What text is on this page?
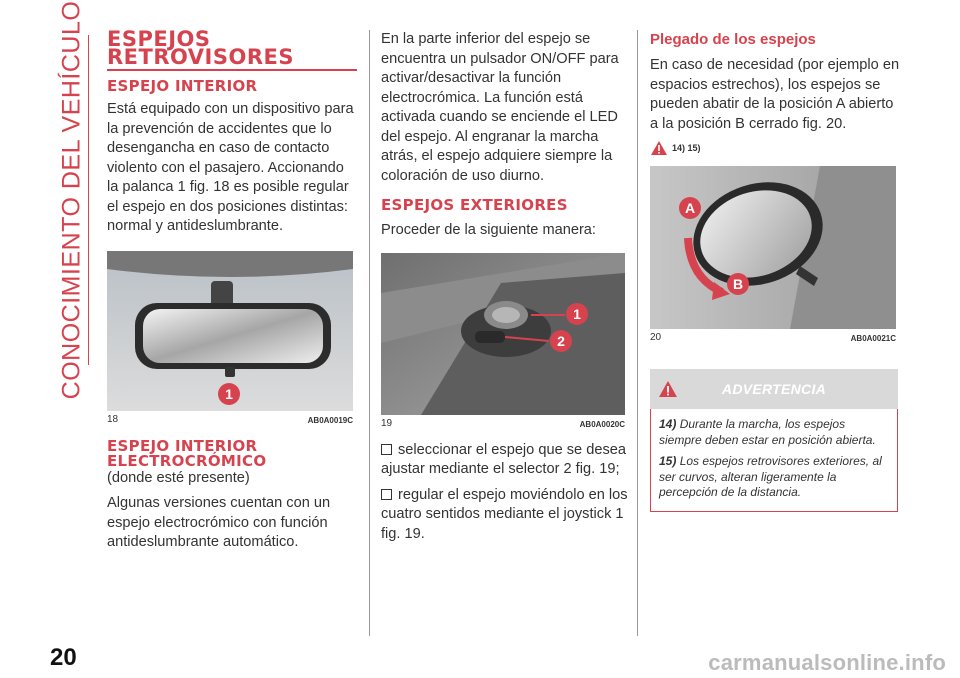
CONOCIMIENTO DEL VEHÍCULO ESPEJOS
RETROVISORES
ESPEJO INTERIOR

Está equipado con un dispositivo para la prevención de accidentes que lo desengancha en caso de contacto violento con el pasajero. Accionando la palanca 1 fig. 18 es posible regular el espejo en dos posiciones distintas: normal y antideslumbrante.

1
18	AB0A0019C
ESPEJO INTERIOR
ELECTROCRÓMICO

(donde esté presente)

Algunas versiones cuentan con un espejo electrocrómico con función antideslumbrante automático.

En la parte inferior del espejo se encuentra un pulsador ON/OFF para activar/desactivar la función electrocrómica. La función está activada cuando se enciende el LED del espejo. Al engranar la marcha atrás, el espejo adquiere siempre la coloración de uso diurno.

ESPEJOS EXTERIORES

Proceder de la siguiente manera:

1
2
19	AB0A0020C

seleccionar el espejo que se desea ajustar mediante el selector 2 fig. 19;

regular el espejo moviéndolo en los cuatro sentidos mediante el joystick 1 fig. 19.

Plegado de los espejos

En caso de necesidad (por ejemplo en espacios estrechos), los espejos se pueden abatir de la posición A abierto a la posición B cerrado fig. 20.

14) 15)
A
B
20	AB0A0021C
ADVERTENCIA
14) Durante la marcha, los espejos siempre deben estar en posición abierta.
15) Los espejos retrovisores exteriores, al ser curvos, alteran ligeramente la percepción de la distancia.
20	carmanualsonline.info
